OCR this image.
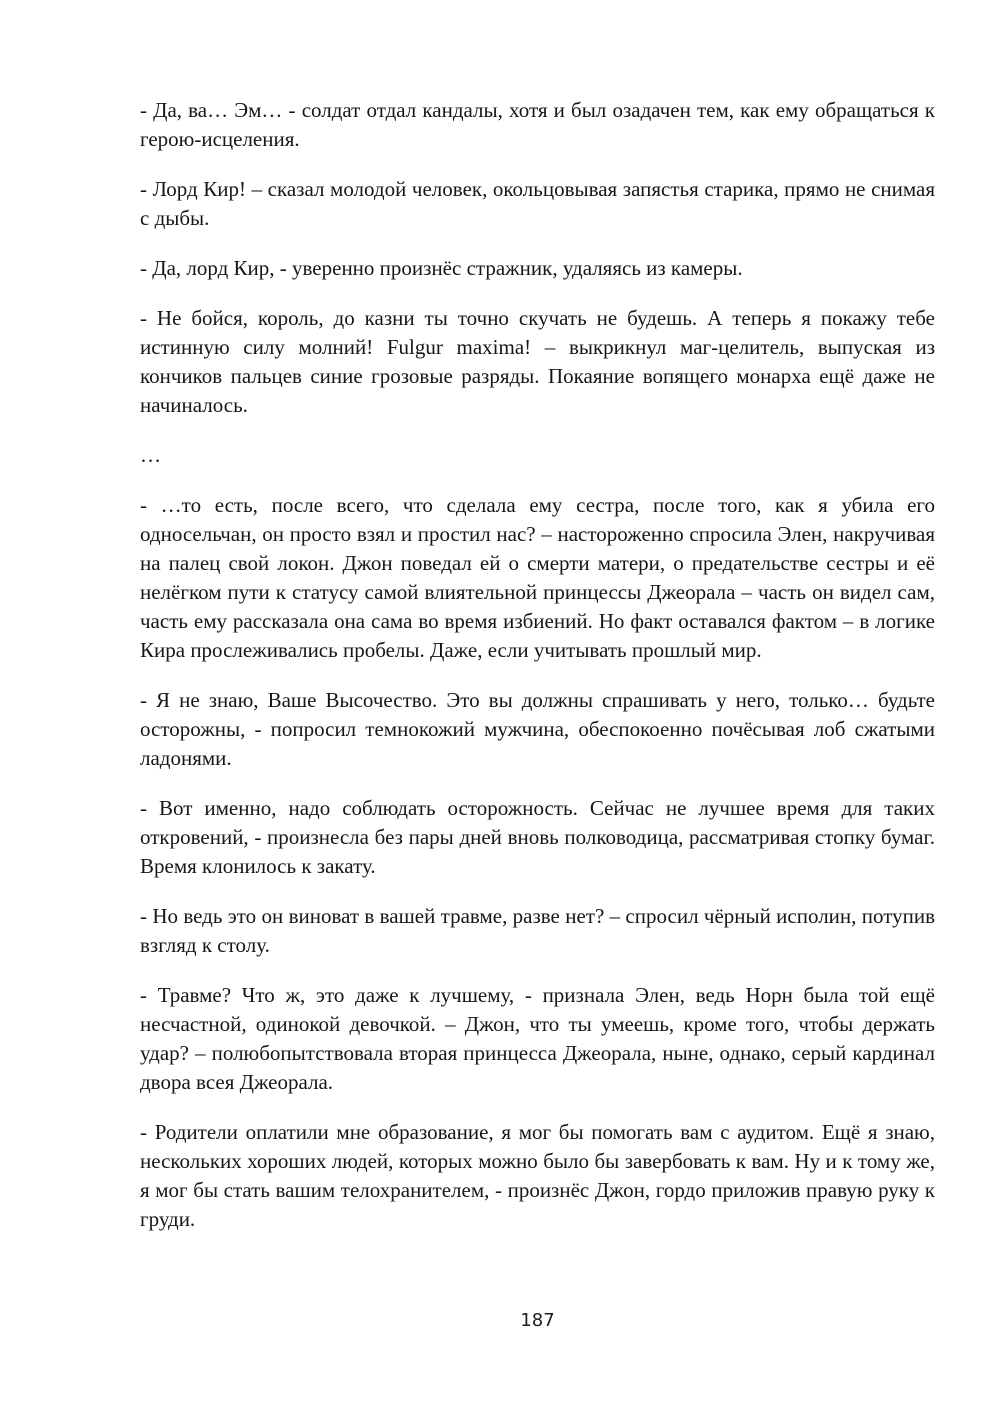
- Да, ва… Эм… - солдат отдал кандалы, хотя и был озадачен тем, как ему обращаться к герою-исцеления.

- Лорд Кир! – сказал молодой человек, окольцовывая запястья старика, прямо не снимая с дыбы.

- Да, лорд Кир, - уверенно произнёс стражник, удаляясь из камеры.

- Не бойся, король, до казни ты точно скучать не будешь. А теперь я покажу тебе истинную силу молний! Fulgur maxima! – выкрикнул маг-целитель, выпуская из кончиков пальцев синие грозовые разряды. Покаяние вопящего монарха ещё даже не начиналось.

…

- …то есть, после всего, что сделала ему сестра, после того, как я убила его односельчан, он просто взял и простил нас? – настороженно спросила Элен, накручивая на палец свой локон. Джон поведал ей о смерти матери, о предательстве сестры и её нелёгком пути к статусу самой влиятельной принцессы Джеорала – часть он видел сам, часть ему рассказала она сама во время избиений. Но факт оставался фактом – в логике Кира прослеживались пробелы. Даже, если учитывать прошлый мир.

- Я не знаю, Ваше Высочество. Это вы должны спрашивать у него, только… будьте осторожны, - попросил темнокожий мужчина, обеспокоенно почёсывая лоб сжатыми ладонями.

- Вот именно, надо соблюдать осторожность. Сейчас не лучшее время для таких откровений, - произнесла без пары дней вновь полководица, рассматривая стопку бумаг. Время клонилось к закату.

- Но ведь это он виноват в вашей травме, разве нет? – спросил чёрный исполин, потупив взгляд к столу.

- Травме? Что ж, это даже к лучшему, - признала Элен, ведь Норн была той ещё несчастной, одинокой девочкой. – Джон, что ты умеешь, кроме того, чтобы держать удар? – полюбопытствовала вторая принцесса Джеорала, ныне, однако, серый кардинал двора всея Джеорала.

- Родители оплатили мне образование, я мог бы помогать вам с аудитом. Ещё я знаю, нескольких хороших людей, которых можно было бы завербовать к вам. Ну и к тому же, я мог бы стать вашим телохранителем, - произнёс Джон, гордо приложив правую руку к груди.

187
